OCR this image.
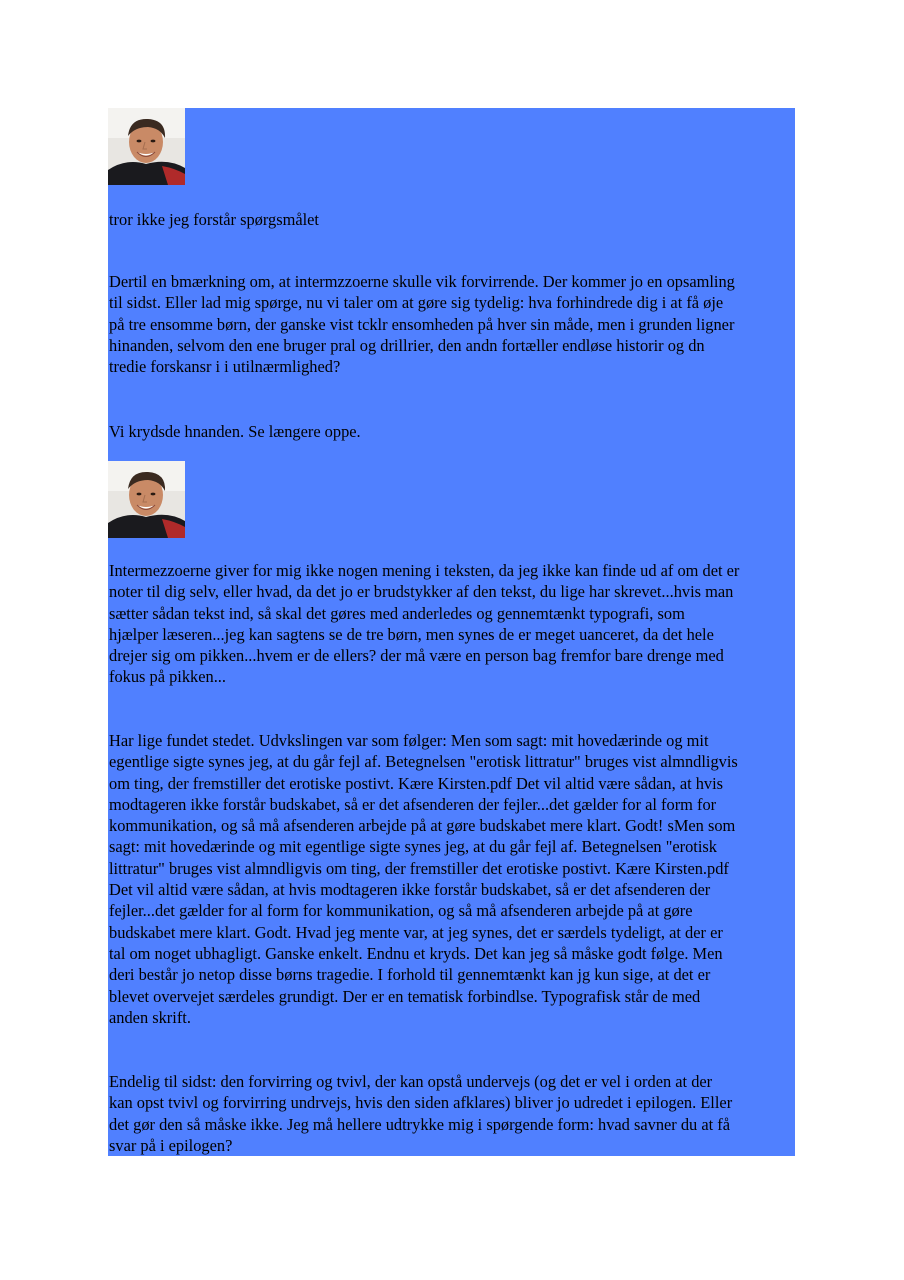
tror ikke jeg forstår spørgsmålet

Dertil en bmærkning om, at intermzzoerne skulle vik forvirrende. Der kommer jo en opsamling
til sidst. Eller lad mig spørge, nu vi taler om at gøre sig tydelig: hva forhindrede dig i at få øje
på tre ensomme børn, der ganske vist tcklr ensomheden på hver sin måde, men i grunden ligner
hinanden, selvom den ene bruger pral og drillrier, den andn fortæller endløse historir og dn
tredie forskansr i i utilnærmlighed?

Vi krydsde hnanden. Se længere oppe.

Intermezzoerne giver for mig ikke nogen mening i teksten, da jeg ikke kan finde ud af om det er
noter til dig selv, eller hvad, da det jo er brudstykker af den tekst, du lige har skrevet...hvis man
sætter sådan tekst ind, så skal det gøres med anderledes og gennemtænkt typografi, som
hjælper læseren...jeg kan sagtens se de tre børn, men synes de er meget uanceret, da det hele
drejer sig om pikken...hvem er de ellers? der må være en person bag fremfor bare drenge med
fokus på pikken...

Har lige fundet stedet. Udvkslingen var som følger: Men som sagt: mit hovedærinde og mit
egentlige sigte synes jeg, at du går fejl af. Betegnelsen "erotisk littratur" bruges vist almndligvis
om ting, der fremstiller det erotiske postivt. Kære Kirsten.pdf Det vil altid være sådan, at hvis
modtageren ikke forstår budskabet, så er det afsenderen der fejler...det gælder for al form for
kommunikation, og så må afsenderen arbejde på at gøre budskabet mere klart. Godt! sMen som
sagt: mit hovedærinde og mit egentlige sigte synes jeg, at du går fejl af. Betegnelsen "erotisk
littratur" bruges vist almndligvis om ting, der fremstiller det erotiske postivt. Kære Kirsten.pdf
Det vil altid være sådan, at hvis modtageren ikke forstår budskabet, så er det afsenderen der
fejler...det gælder for al form for kommunikation, og så må afsenderen arbejde på at gøre
budskabet mere klart. Godt. Hvad jeg mente var, at jeg synes, det er særdels tydeligt, at der er
tal om noget ubhagligt. Ganske enkelt. Endnu et kryds. Det kan jeg så måske godt følge. Men
deri består jo netop disse børns tragedie. I forhold til gennemtænkt kan jg kun sige, at det er
blevet overvejet særdeles grundigt. Der er en tematisk forbindlse. Typografisk står de med
anden skrift.

Endelig til sidst: den forvirring og tvivl, der kan opstå undervejs (og det er vel i orden at der
kan opst tvivl og forvirring undrvejs, hvis den siden afklares) bliver jo udredet i epilogen. Eller
det gør den så måske ikke. Jeg må hellere udtrykke mig i spørgende form: hvad savner du at få
svar på i epilogen?
